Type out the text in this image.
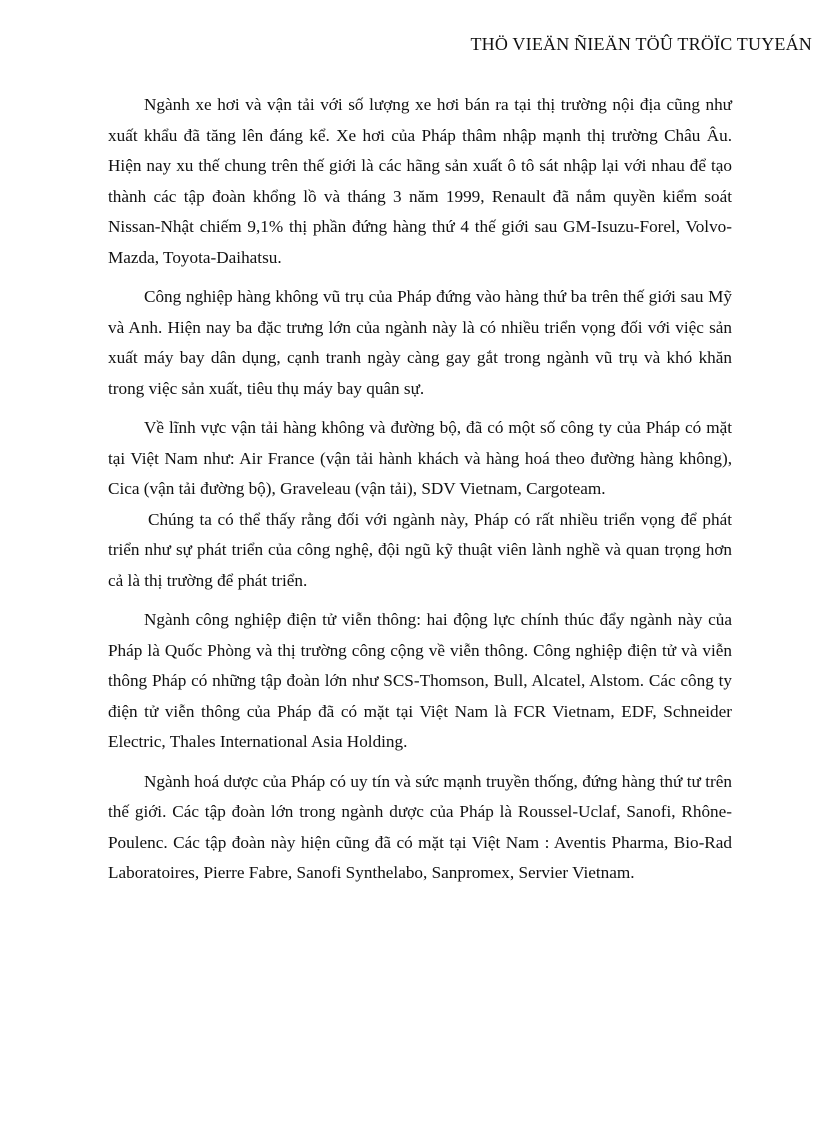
THÖ VIEÄN ÑIEÄN TÖÛ TRÖÏC TUYEÁN

Ngành xe hơi và vận tải với số lượng xe hơi bán ra tại thị trường nội địa cũng như xuất khẩu đã tăng lên đáng kể. Xe hơi của Pháp thâm nhập mạnh thị trường Châu Âu. Hiện nay xu thế chung trên thế giới là các hãng sản xuất ô tô sát nhập lại với nhau để tạo thành các tập đoàn khổng lồ và tháng 3 năm 1999, Renault đã nắm quyền kiểm soát Nissan-Nhật chiếm 9,1% thị phần đứng hàng thứ 4 thế giới sau GM-Isuzu-Forel, Volvo-Mazda, Toyota-Daihatsu.

Công nghiệp hàng không vũ trụ của Pháp đứng vào hàng thứ ba trên thế giới sau Mỹ và Anh. Hiện nay ba đặc trưng lớn của ngành này là có nhiều triển vọng đối với việc sản xuất máy bay dân dụng, cạnh tranh ngày càng gay gắt trong ngành vũ trụ và khó khăn trong việc sản xuất, tiêu thụ máy bay quân sự.

Về lĩnh vực vận tải hàng không và đường bộ, đã có một số công ty của Pháp có mặt tại Việt Nam như: Air France (vận tải hành khách và hàng hoá theo đường hàng không), Cica (vận tải đường bộ), Graveleau (vận tải), SDV Vietnam, Cargoteam.

Chúng ta có thể thấy rằng đối với ngành này, Pháp có rất nhiều triển vọng để phát triển như sự phát triển của công nghệ, đội ngũ kỹ thuật viên lành nghề và quan trọng hơn cả là thị trường để phát triển.

Ngành công nghiệp điện tử viễn thông: hai động lực chính thúc đẩy ngành này của Pháp là Quốc Phòng và thị trường công cộng về viễn thông. Công nghiệp điện tử và viễn thông Pháp có những tập đoàn lớn như SCS-Thomson, Bull, Alcatel, Alstom. Các công ty điện tử viễn thông của Pháp đã có mặt tại Việt Nam là FCR Vietnam, EDF, Schneider Electric, Thales International Asia Holding.

Ngành hoá dược của Pháp có uy tín và sức mạnh truyền thống, đứng hàng thứ tư trên thế giới. Các tập đoàn lớn trong ngành dược của Pháp là Roussel-Uclaf, Sanofi, Rhône-Poulenc. Các tập đoàn này hiện cũng đã có mặt tại Việt Nam : Aventis Pharma, Bio-Rad Laboratoires, Pierre Fabre, Sanofi Synthelabo, Sanpromex, Servier Vietnam.
